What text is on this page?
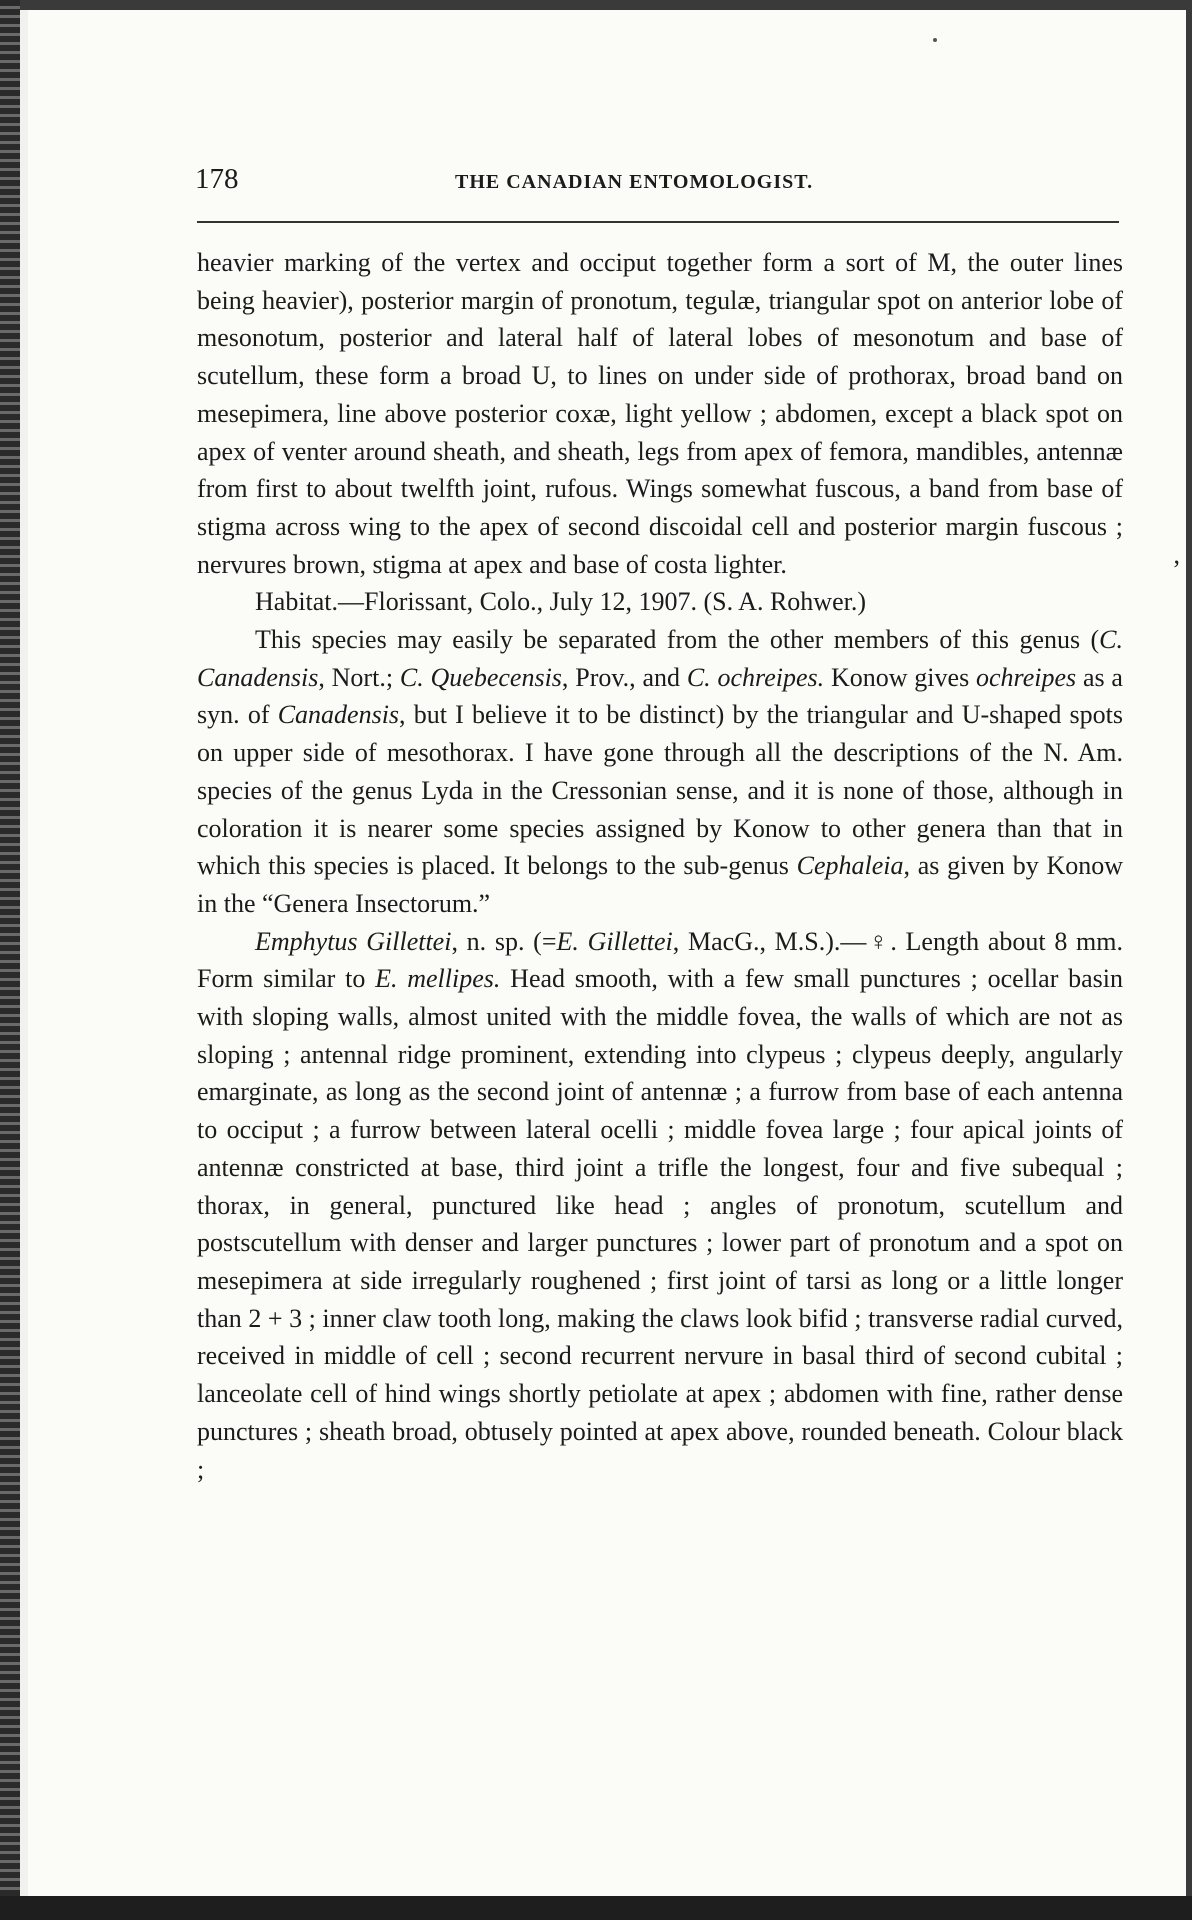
,
178	THE CANADIAN ENTOMOLOGIST.

heavier marking of the vertex and occiput together form a sort of M, the outer lines being heavier), posterior margin of pronotum, tegulæ, triangular spot on anterior lobe of mesonotum, posterior and lateral half of lateral lobes of mesonotum and base of scutellum, these form a broad U, to lines on under side of prothorax, broad band on mesepimera, line above posterior coxæ, light yellow ; abdomen, except a black spot on apex of venter around sheath, and sheath, legs from apex of femora, mandibles, antennæ from first to about twelfth joint, rufous. Wings somewhat fuscous, a band from base of stigma across wing to the apex of second discoidal cell and posterior margin fuscous ; nervures brown, stigma at apex and base of costa lighter.

Habitat.—Florissant, Colo., July 12, 1907. (S. A. Rohwer.)

This species may easily be separated from the other members of this genus (C. Canadensis, Nort.; C. Quebecensis, Prov., and C. ochreipes. Konow gives ochreipes as a syn. of Canadensis, but I believe it to be distinct) by the triangular and U-shaped spots on upper side of mesothorax. I have gone through all the descriptions of the N. Am. species of the genus Lyda in the Cressonian sense, and it is none of those, although in coloration it is nearer some species assigned by Konow to other genera than that in which this species is placed. It belongs to the sub-genus Cephaleia, as given by Konow in the “Genera Insectorum.”

Emphytus Gillettei, n. sp. (=E. Gillettei, MacG., M.S.).—♀. Length about 8 mm. Form similar to E. mellipes. Head smooth, with a few small punctures ; ocellar basin with sloping walls, almost united with the middle fovea, the walls of which are not as sloping ; antennal ridge prominent, extending into clypeus ; clypeus deeply, angularly emarginate, as long as the second joint of antennæ ; a furrow from base of each antenna to occiput ; a furrow between lateral ocelli ; middle fovea large ; four apical joints of antennæ constricted at base, third joint a trifle the longest, four and five subequal ; thorax, in general, punctured like head ; angles of pronotum, scutellum and postscutellum with denser and larger punctures ; lower part of pronotum and a spot on mesepimera at side irregularly roughened ; first joint of tarsi as long or a little longer than 2 + 3 ; inner claw tooth long, making the claws look bifid ; transverse radial curved, received in middle of cell ; second recurrent nervure in basal third of second cubital ; lanceolate cell of hind wings shortly petiolate at apex ; abdomen with fine, rather dense punctures ; sheath broad, obtusely pointed at apex above, rounded beneath. Colour black ;
